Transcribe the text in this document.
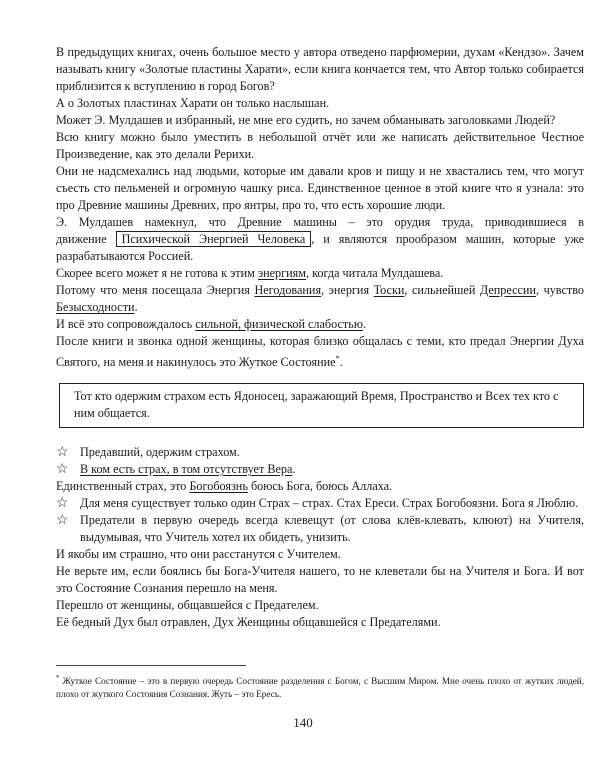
В предыдущих книгах, очень большое место у автора отведено парфюмерии, духам «Кендзо». Зачем называть книгу «Золотые пластины Харати», если книга кончается тем, что Автор только собирается приблизится к вступлению в город Богов?

А о Золотых пластинах Харати он только наслышан.

Может Э. Мулдашев и избранный, не мне его судить, но зачем обманывать заголовками Людей?

Всю книгу можно было уместить в небольшой отчёт или же написать действительное Честное Произведение, как это делали Рерихи.

Они не надсмехались над людьми, которые им давали кров и пищу и не хвастались тем, что могут съесть сто пельменей и огромную чашку риса. Единственное ценное в этой книге что я узнала: это про Древние машины Древних, про янтры, про то, что есть хорошие люди.

Э. Мулдашев намекнул, что Древние машины – это орудия труда, приводившиеся в движение Психической Энергией Человека , и являются прообразом машин, которые уже разрабатываются Россией.

Скорее всего может я не готова к этим энергиям, когда читала Мулдашева.

Потому что меня посещала Энергия Негодования, энергия Тоски, сильнейшей Депрессии, чувство Безысходности.

И всё это сопровождалось сильной, физической слабостью.

После книги и звонка одной женщины, которая близко общалась с теми, кто предал Энергии Духа Святого, на меня и накинулось это Жуткое Состояние*.

Тот кто одержим страхом есть Ядоносец, заражающий Время, Пространство и Всех тех кто с ним общается.
☆ Предавший, одержим страхом.
☆ В ком есть страх, в том отсутствует Вера.

Единственный страх, это Богобоязнь боюсь Бога, боюсь Аллаха.

☆ Для меня существует только один Страх – страх. Стах Ереси. Страх Богобоязни. Бога я Люблю.
☆ Предатели в первую очередь всегда клевещут (от слова клёв-клевать, клюют) на Учителя, выдумывая, что Учитель хотел их обидеть, унизить.

И якобы им страшно, что они расстанутся с Учителем.

Не верьте им, если боялись бы Бога-Учителя нашего, то не клеветали бы на Учителя и Бога. И вот это Состояние Сознания перешло на меня.

Перешло от женщины, общавшейся с Предателем.

Её бедный Дух был отравлен, Дух Женщины общавшейся с Предателями.

* Жуткое Состояние – это в первую очередь Состояние разделения с Богом, с Высшим Миром. Мне очень плохо от жутких людей, плохо от жуткого Состояния Сознания. Жуть – это Ересь.
140
